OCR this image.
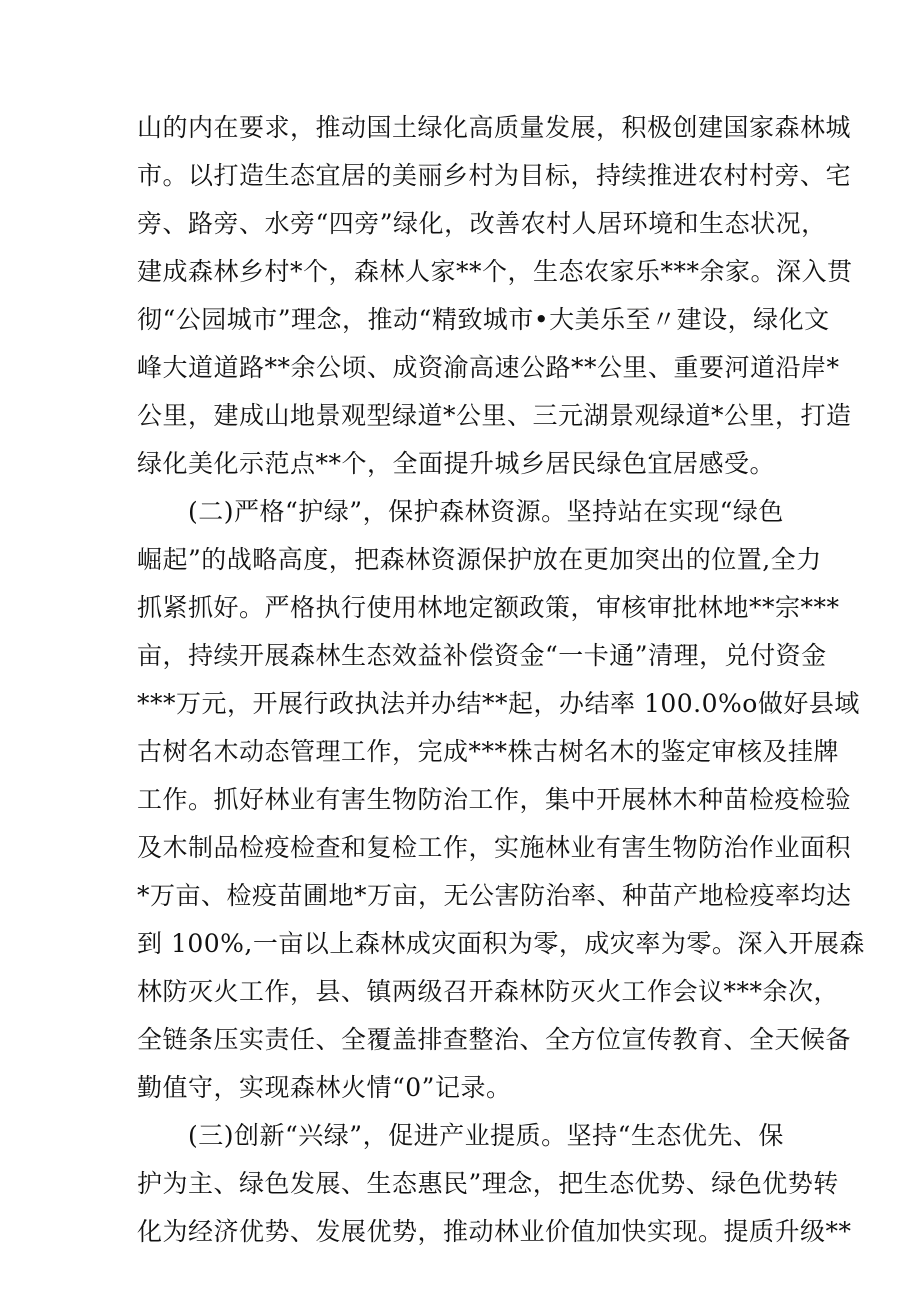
山的内在要求，推动国土绿化高质量发展，积极创建国家森林城
市。以打造生态宜居的美丽乡村为目标，持续推进农村村旁、宅
旁、路旁、水旁“四旁”绿化，改善农村人居环境和生态状况，
建成森林乡村*个，森林人家**个，生态农家乐***余家。深入贯
彻“公园城市”理念，推动“精致城市•大美乐至〃建设，绿化文
峰大道道路**余公顷、成资渝高速公路**公里、重要河道沿岸*
公里，建成山地景观型绿道*公里、三元湖景观绿道*公里，打造
绿化美化示范点**个，全面提升城乡居民绿色宜居感受。
(二)严格“护绿”，保护森林资源。坚持站在实现“绿色
崛起”的战略高度，把森林资源保护放在更加突出的位置,全力
抓紧抓好。严格执行使用林地定额政策，审核审批林地**宗***
亩，持续开展森林生态效益补偿资金“一卡通”清理，兑付资金
***万元，开展行政执法并办结**起，办结率 100.0%o做好县域
古树名木动态管理工作，完成***株古树名木的鉴定审核及挂牌
工作。抓好林业有害生物防治工作，集中开展林木种苗检疫检验
及木制品检疫检查和复检工作，实施林业有害生物防治作业面积
*万亩、检疫苗圃地*万亩，无公害防治率、种苗产地检疫率均达
到 100%,一亩以上森林成灾面积为零，成灾率为零。深入开展森
林防灭火工作，县、镇两级召开森林防灭火工作会议***余次，
全链条压实责任、全覆盖排查整治、全方位宣传教育、全天候备
勤值守，实现森林火情“0”记录。
(三)创新“兴绿”，促进产业提质。坚持“生态优先、保
护为主、绿色发展、生态惠民”理念，把生态优势、绿色优势转
化为经济优势、发展优势，推动林业价值加快实现。提质升级**
